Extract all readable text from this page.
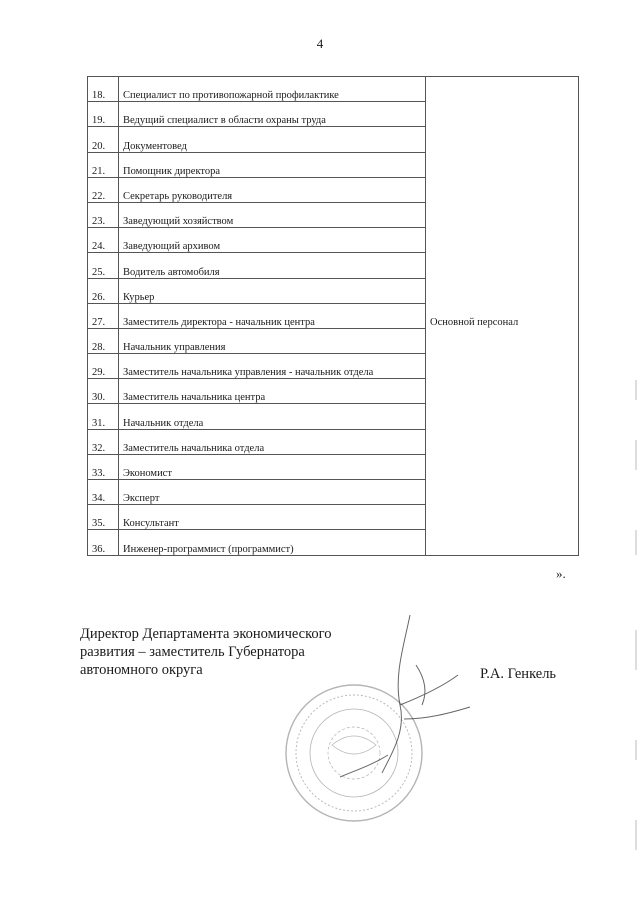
4
18.	Специалист по противопожарной профилактике	Основной персонал
19.	Ведущий специалист в области охраны труда	
20.	Документовед	
21.	Помощник директора	
22.	Секретарь руководителя	
23.	Заведующий хозяйством	
24.	Заведующий архивом	
25.	Водитель автомобиля	
26.	Курьер	
27.	Заместитель директора - начальник центра	
28.	Начальник управления	
29.	Заместитель начальника управления - начальник отдела	
30.	Заместитель начальника центра	
31.	Начальник отдела	
32.	Заместитель начальника отдела	
33.	Экономист	
34.	Эксперт	
35.	Консультант	
36.	Инженер-программист (программист)	
».
Директор Департамента экономического
развития – заместитель Губернатора
автономного округа	Р.А. Генкель
